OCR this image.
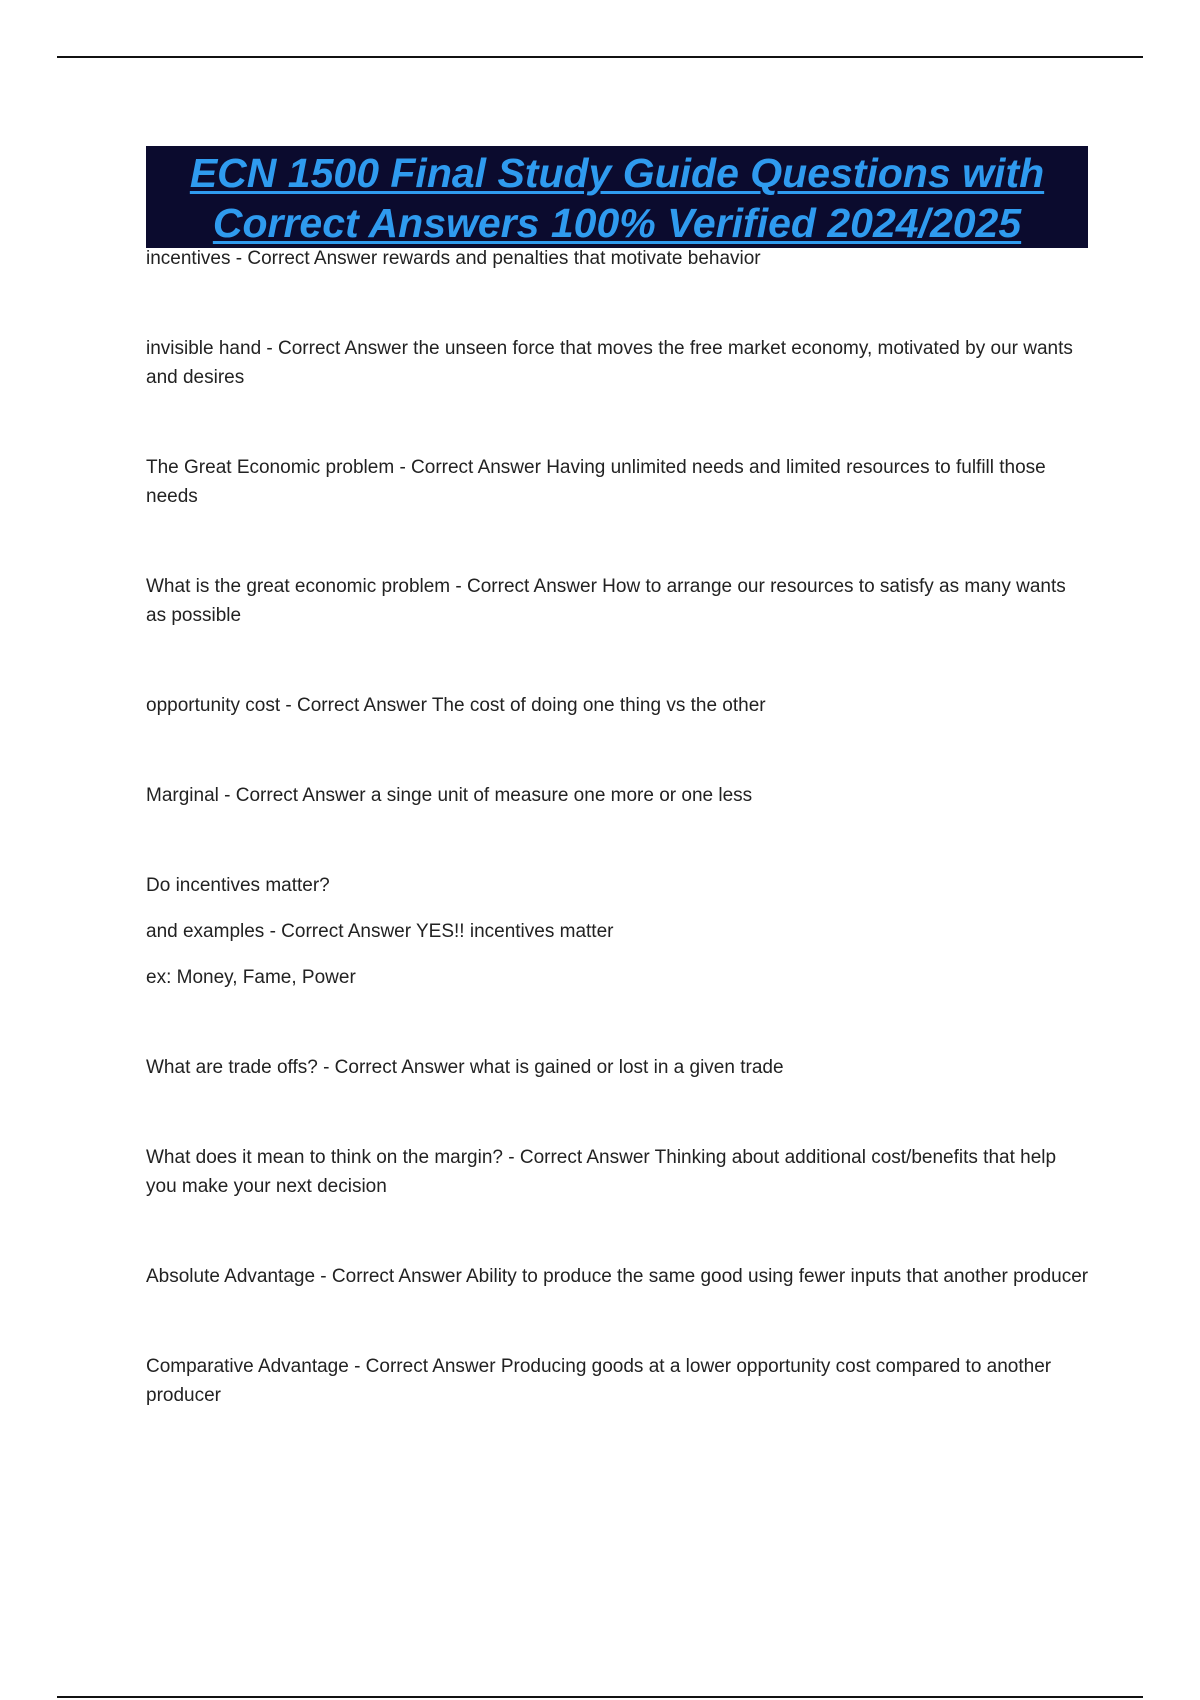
ECN 1500 Final Study Guide Questions with
Correct Answers 100% Verified 2024/2025

incentives - Correct Answer rewards and penalties that motivate behavior

invisible hand - Correct Answer the unseen force that moves the free market economy, motivated by our wants and desires

The Great Economic problem - Correct Answer Having unlimited needs and limited resources to fulfill those needs

What is the great economic problem - Correct Answer How to arrange our resources to satisfy as many wants as possible

opportunity cost - Correct Answer The cost of doing one thing vs the other

Marginal - Correct Answer a singe unit of measure one more or one less

Do incentives matter?

and examples - Correct Answer YES!! incentives matter

ex: Money, Fame, Power

What are trade offs? - Correct Answer what is gained or lost in a given trade

What does it mean to think on the margin? - Correct Answer Thinking about additional cost/benefits that help you make your next decision

Absolute Advantage - Correct Answer Ability to produce the same good using fewer inputs that another producer

Comparative Advantage - Correct Answer Producing goods at a lower opportunity cost compared to another producer
